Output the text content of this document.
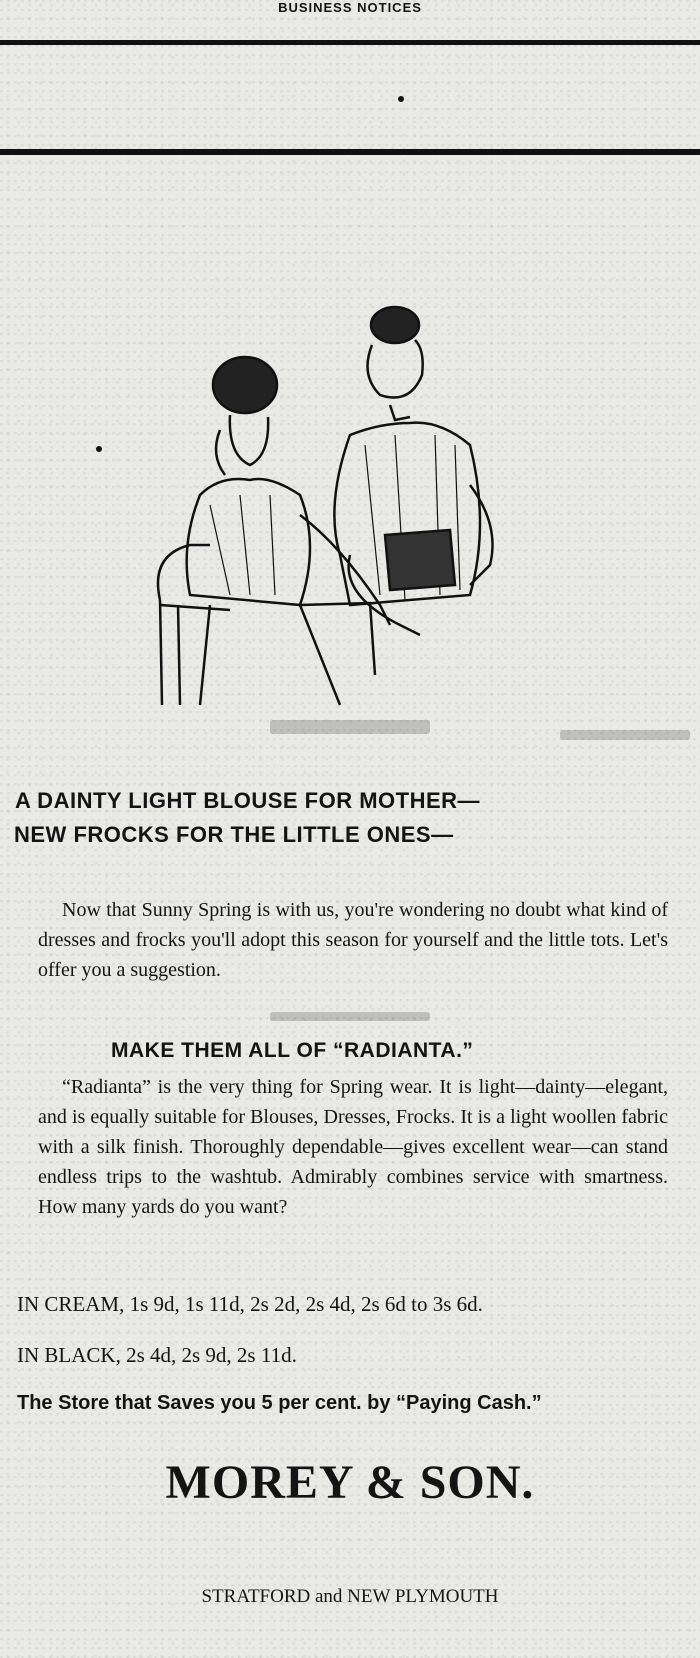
BUSINESS NOTICES
A DAINTY LIGHT BLOUSE FOR MOTHER—
NEW FROCKS FOR THE LITTLE ONES—
Now that Sunny Spring is with us, you're wondering no doubt what kind of dresses and frocks you'll adopt this season for yourself and the little tots. Let's offer you a suggestion.
MAKE THEM ALL OF “RADIANTA.”
“Radianta” is the very thing for Spring wear. It is light—dainty—elegant, and is equally suitable for Blouses, Dresses, Frocks. It is a light woollen fabric with a silk finish. Thoroughly dependable—gives excellent wear—can stand endless trips to the washtub. Admirably combines service with smartness. How many yards do you want?
IN CREAM, 1s 9d, 1s 11d, 2s 2d, 2s 4d, 2s 6d to 3s 6d.
IN BLACK, 2s 4d, 2s 9d, 2s 11d.
The Store that Saves you 5 per cent. by “Paying Cash.”
MOREY & SON.
STRATFORD and NEW PLYMOUTH
